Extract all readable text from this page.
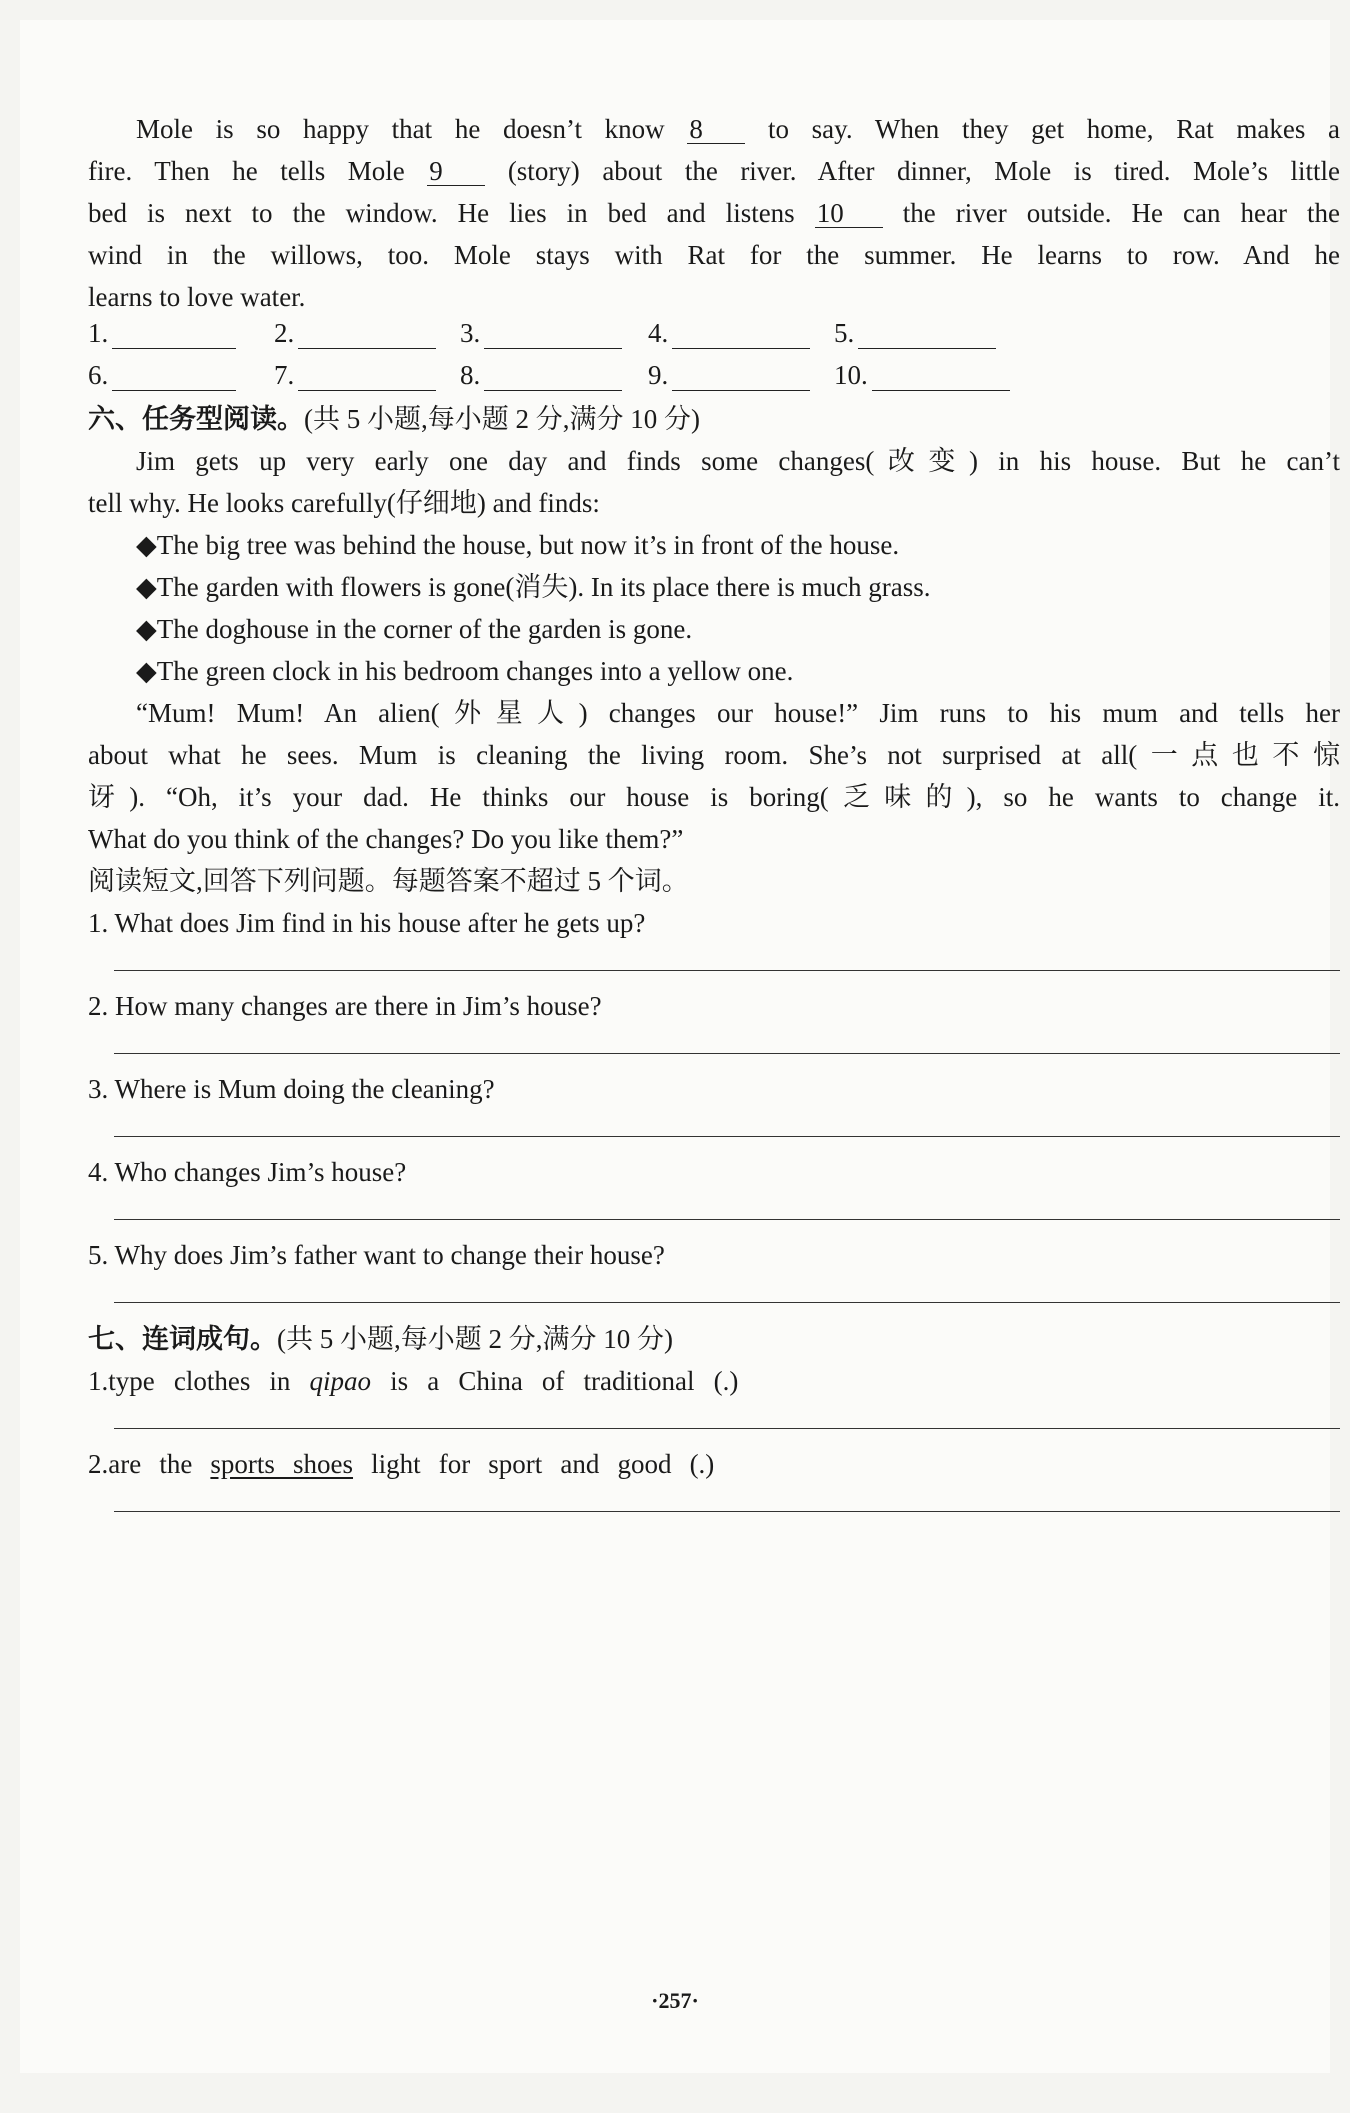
Mole is so happy that he doesn’t know 8 to say. When they get home, Rat makes a
fire. Then he tells Mole 9 (story) about the river. After dinner, Mole is tired. Mole’s little
bed is next to the window. He lies in bed and listens 10 the river outside. He can hear the
wind in the willows, too. Mole stays with Rat for the summer. He learns to row. And he
learns to love water.
1.	2.	3.	4.	5.
6.	7.	8.	9.	10.
六、任务型阅读。(共 5 小题,每小题 2 分,满分 10 分)
Jim gets up very early one day and finds some changes(改变) in his house. But he can’t
tell why. He looks carefully(仔细地) and finds:
◆The big tree was behind the house, but now it’s in front of the house.
◆The garden with flowers is gone(消失). In its place there is much grass.
◆The doghouse in the corner of the garden is gone.
◆The green clock in his bedroom changes into a yellow one.
“Mum! Mum! An alien(外星人) changes our house!” Jim runs to his mum and tells her
about what he sees. Mum is cleaning the living room. She’s not surprised at all(一点也不惊
讶). “Oh, it’s your dad. He thinks our house is boring(乏味的), so he wants to change it.
What do you think of the changes? Do you like them?”
阅读短文,回答下列问题。每题答案不超过 5 个词。
1. What does Jim find in his house after he gets up?
2. How many changes are there in Jim’s house?
3. Where is Mum doing the cleaning?
4. Who changes Jim’s house?
5. Why does Jim’s father want to change their house?
七、连词成句。(共 5 小题,每小题 2 分,满分 10 分)
1.type clothes in qipao is a China of traditional (.)
2.are the sports shoes light for sport and good (.)
·257·
